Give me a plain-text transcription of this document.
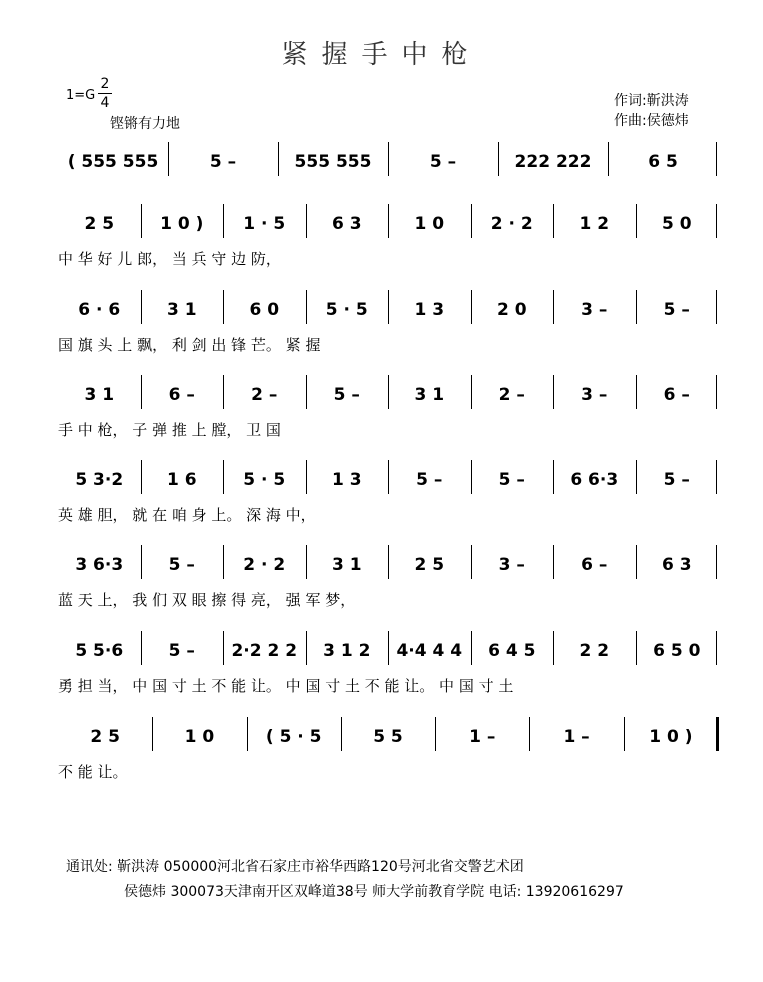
紧握手中枪
1=G
2
4
铿锵有力地
作词:靳洪涛
作曲:侯德炜
( 555 555	5 –	555 555	5 –	222 222	6 5
2 5	1 0 )	1 · 5	6 3	1 0	2 · 2	1 2	5 0
中 华 好 儿 郎， 当 兵 守 边 防，
6 · 6	3 1	6 0	5 · 5	1 3	2 0	3 –	5 –
国 旗 头 上 飘， 利 剑 出 锋 芒。 紧 握
3 1	6 –	2 –	5 –	3 1	2 –	3 –	6 –
手 中 枪， 子 弹 推 上 膛， 卫 国
5 3·2	1 6	5 · 5	1 3	5 –	5 –	6 6·3	5 –
英 雄 胆， 就 在 咱 身 上。 深 海 中，
3 6·3	5 –	2 · 2	3 1	2 5	3 –	6 –	6 3
蓝 天 上， 我 们 双 眼 擦 得 亮， 强 军 梦，
5 5·6	5 –	2·2 2 2	3 1 2	4·4 4 4	6 4 5	2 2	6 5 0
勇 担 当， 中 国 寸 土 不 能 让。 中 国 寸 土 不 能 让。 中 国 寸 土
2 5	1 0	( 5 · 5	5 5	1 –	1 –	1 0 )
不 能 让。
通讯处: 靳洪涛 050000河北省石家庄市裕华西路120号河北省交警艺术团
侯德炜 300073天津南开区双峰道38号 师大学前教育学院 电话: 13920616297
